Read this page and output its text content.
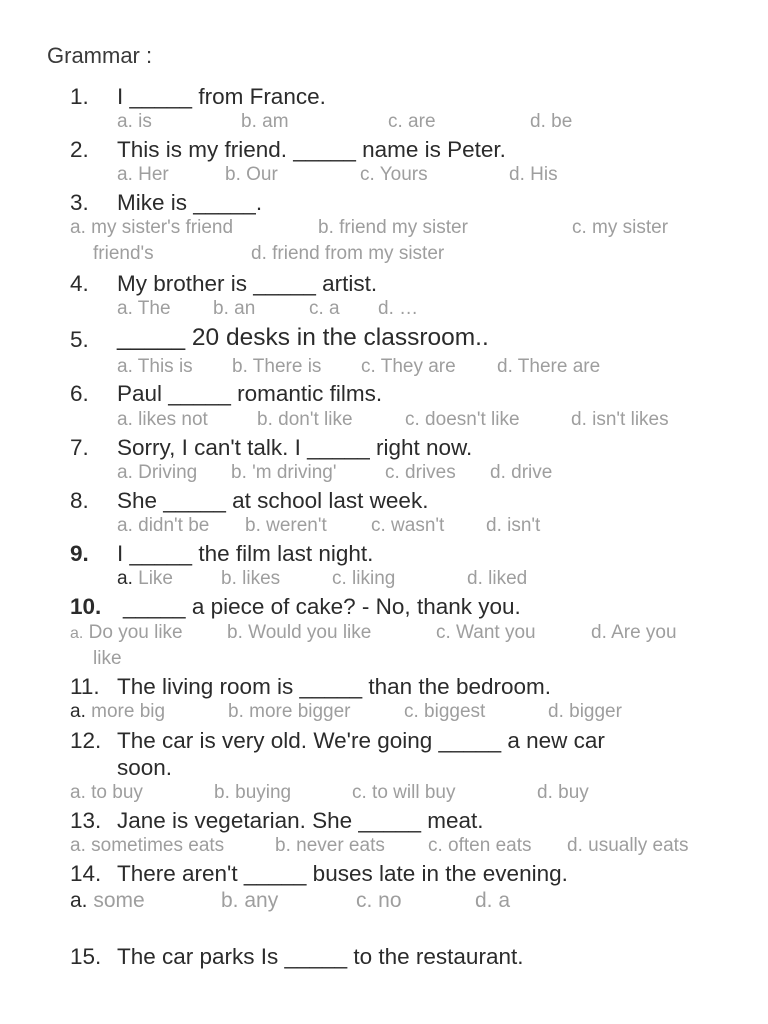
Grammar :
1. I _____ from France.
a. is	b. am	c. are	d. be
2. This is my friend. _____ name is Peter.
a. Her	b. Our	c. Yours	d. His
3. Mike is _____.
a. my sister's friend	b. friend my sister	c. my sister
friend's	d. friend from my sister
4. My brother is _____ artist.
a. The b. an	c. a d. …
5. _____ 20 desks in the classroom..
a. This is b. There is c. They are d. There are
6. Paul _____ romantic films.
a. likes not	b. don't like	c. doesn't like	d. isn't likes
7. Sorry, I can't talk. I _____ right now.
a. Driving b. 'm driving'	c. drives d. drive
8. She _____ at school last week.
a. didn't be b. weren't c. wasn't d. isn't
9. I _____ the film last night.
a. Like	b. likes	c. liking	d. liked
10. _____ a piece of cake? - No, thank you.
a. Do you like b. Would you like	c. Want you	d. Are you
like
11. The living room is _____ than the bedroom.
a. more big	b. more bigger	c. biggest	d. bigger
12. The car is very old. We're going _____ a new car
soon.
a. to buy	b. buying	c. to will buy	d. buy
13. Jane is vegetarian. She _____ meat.
a. sometimes eats	b. never eats c. often eats d. usually eats
14. There aren't _____ buses late in the evening.
a. some	b. any	c. no	d. a
15. The car parks Is _____ to the restaurant.
